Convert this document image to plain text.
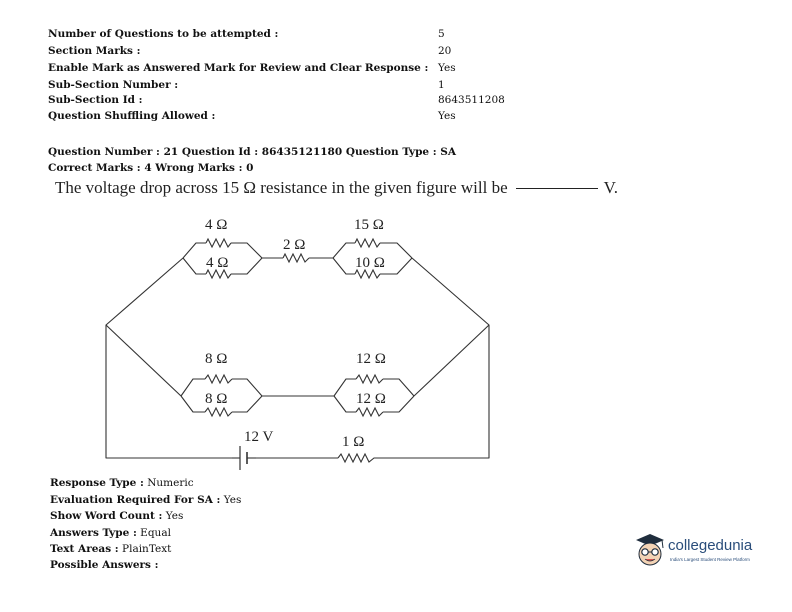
Number of Questions to be attempted :	5
Section Marks :	20
Enable Mark as Answered Mark for Review and Clear Response : Yes
Sub-Section Number :	1
Sub-Section Id :	8643511208
Question Shuffling Allowed :	Yes
Question Number : 21 Question Id : 86435121180 Question Type : SA
Correct Marks : 4 Wrong Marks : 0
The voltage drop across 15 Ω resistance in the given figure will be	V.
4 Ω
4 Ω
2 Ω
15 Ω
10 Ω
8 Ω
8 Ω
12 Ω
12 Ω
12 V	1 Ω
Response Type : Numeric
Evaluation Required For SA : Yes
Show Word Count : Yes
Answers Type : Equal
Text Areas : PlainText
Possible Answers :
collegedunia
India's Largest Student Review Platform
